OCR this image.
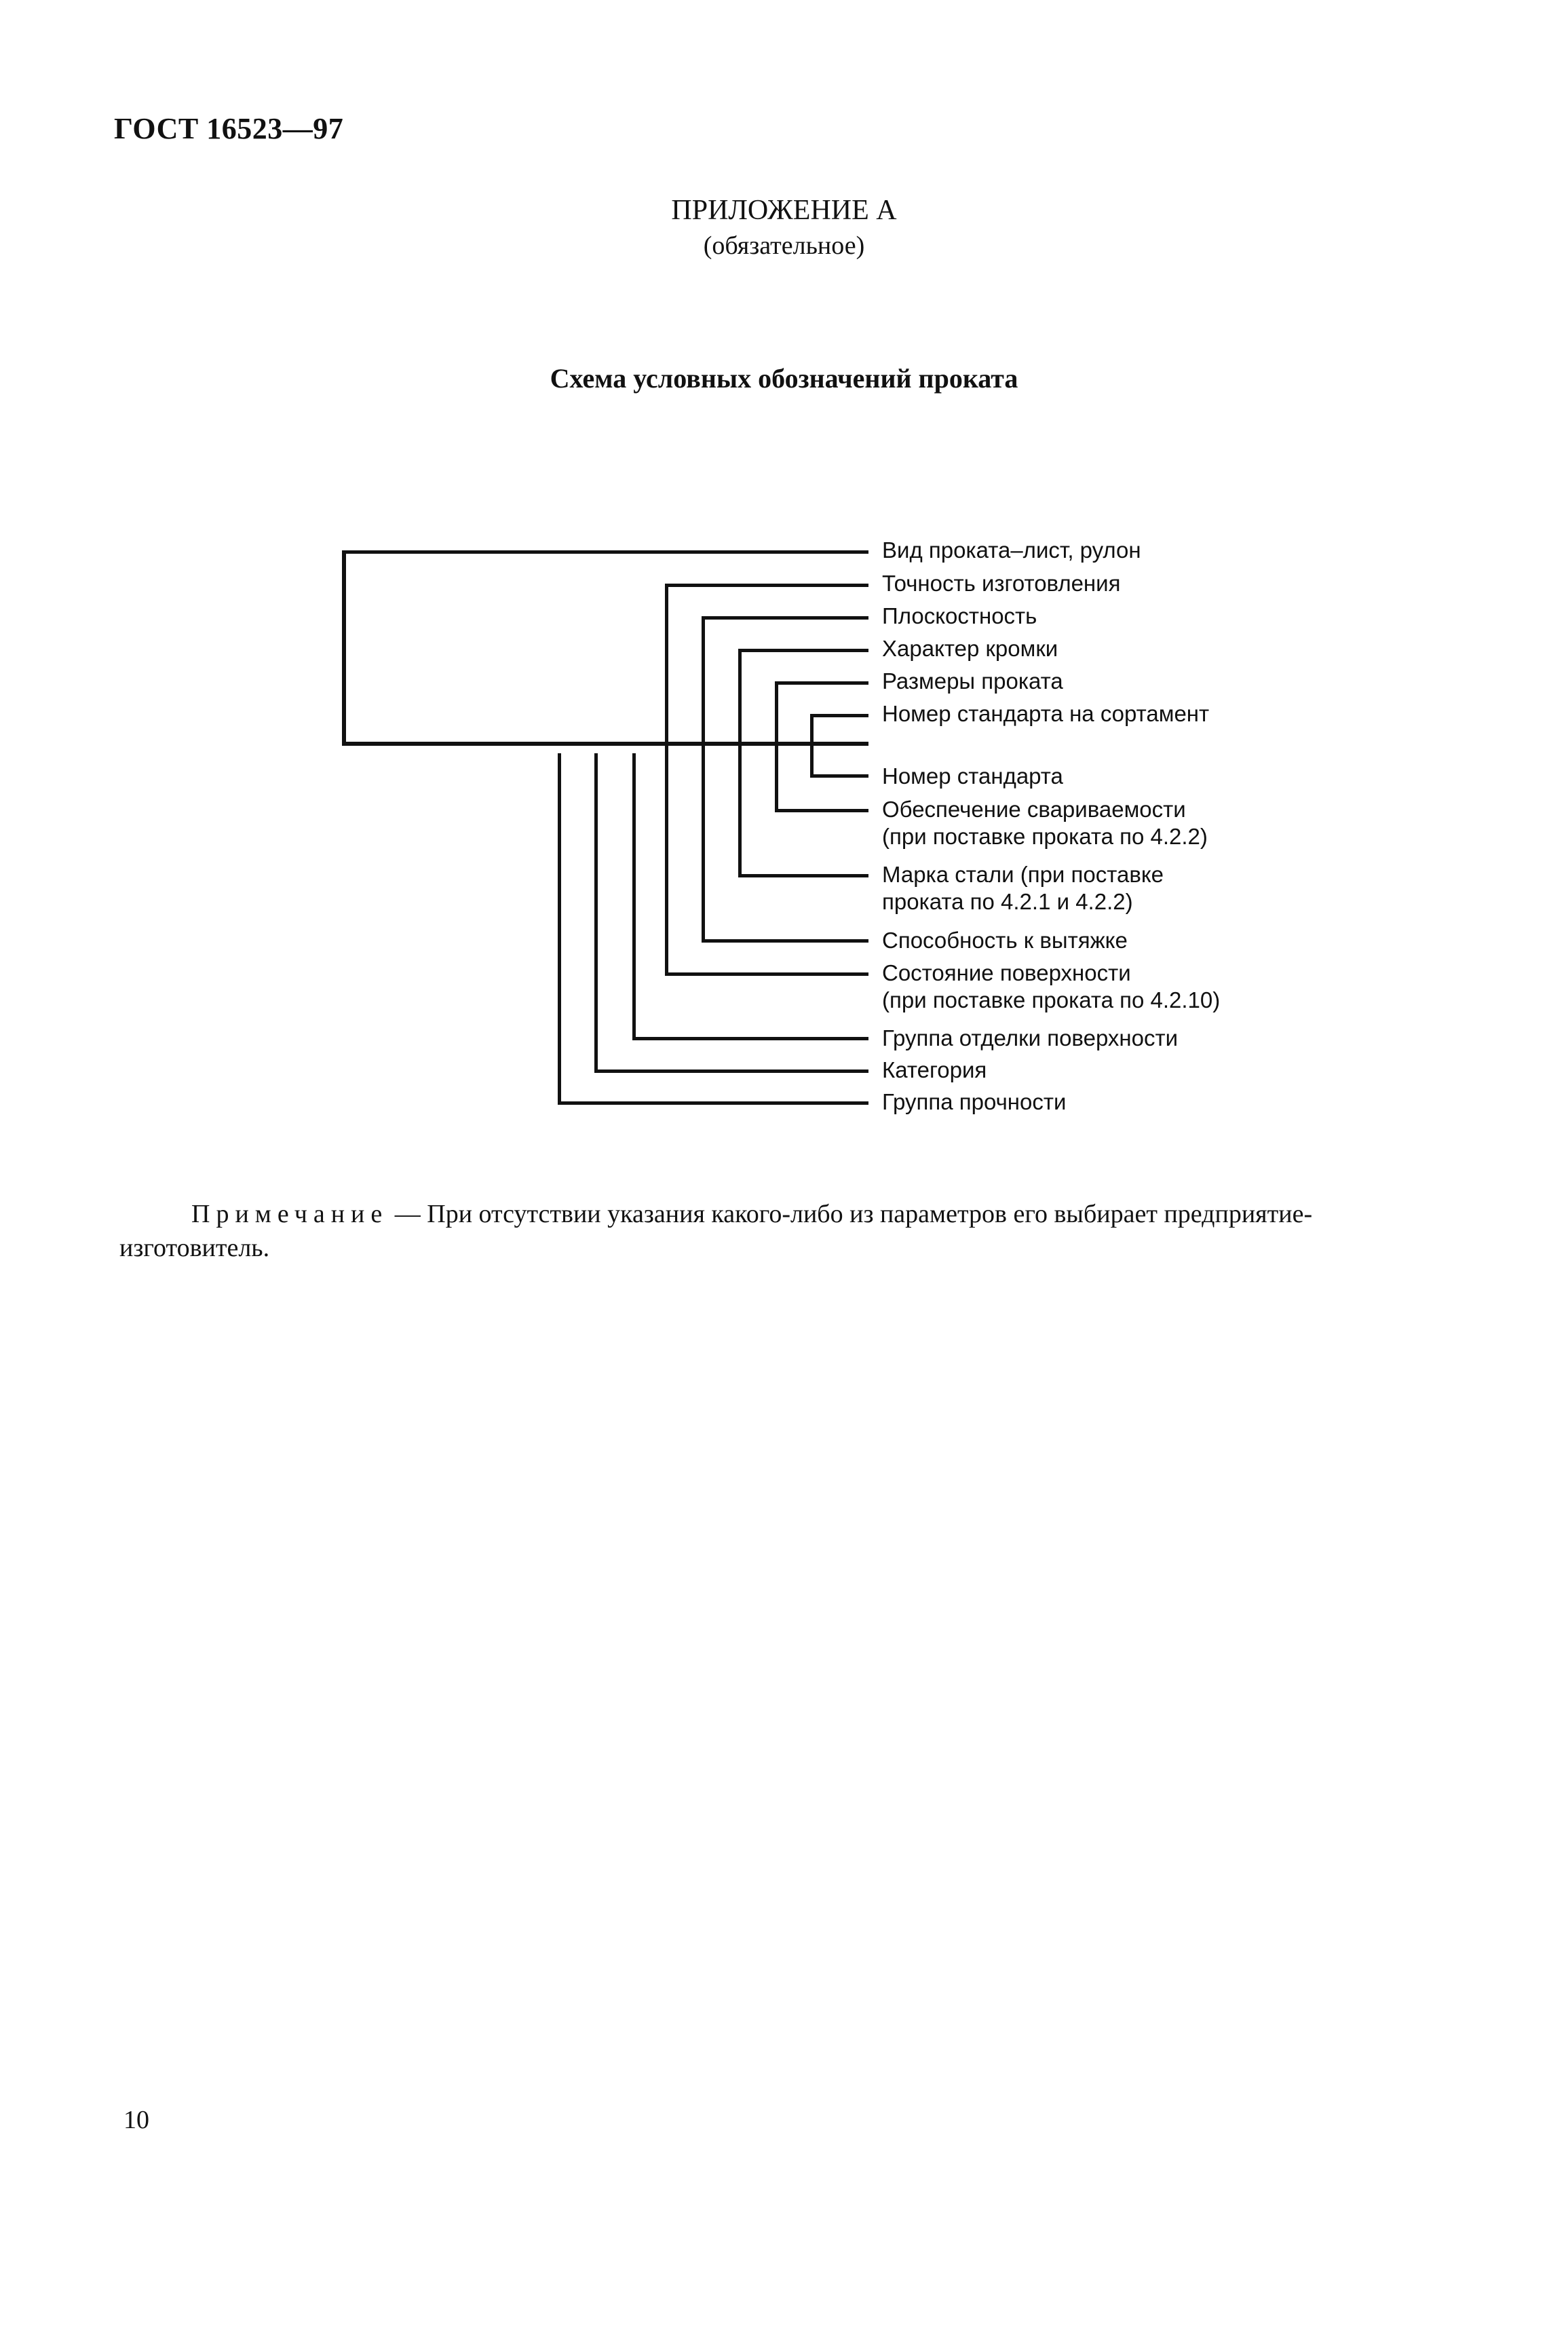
ГОСТ 16523—97
ПРИЛОЖЕНИЕ А
(обязательное)
Схема условных обозначений проката
Вид проката–лист, рулон
Точность изготовления
Плоскостность
Характер кромки
Размеры проката
Номер стандарта на сортамент
Номер стандарта
Обеспечение свариваемости
(при поставке проката по 4.2.2)
Марка стали (при поставке
проката по 4.2.1 и 4.2.2)
Способность к вытяжке
Состояние поверхности
(при поставке проката по 4.2.10)
Группа отделки поверхности
Категория
Группа прочности
Примечание — При отсутствии указания какого-либо из параметров его выбирает предприятие-
изготовитель.
10
